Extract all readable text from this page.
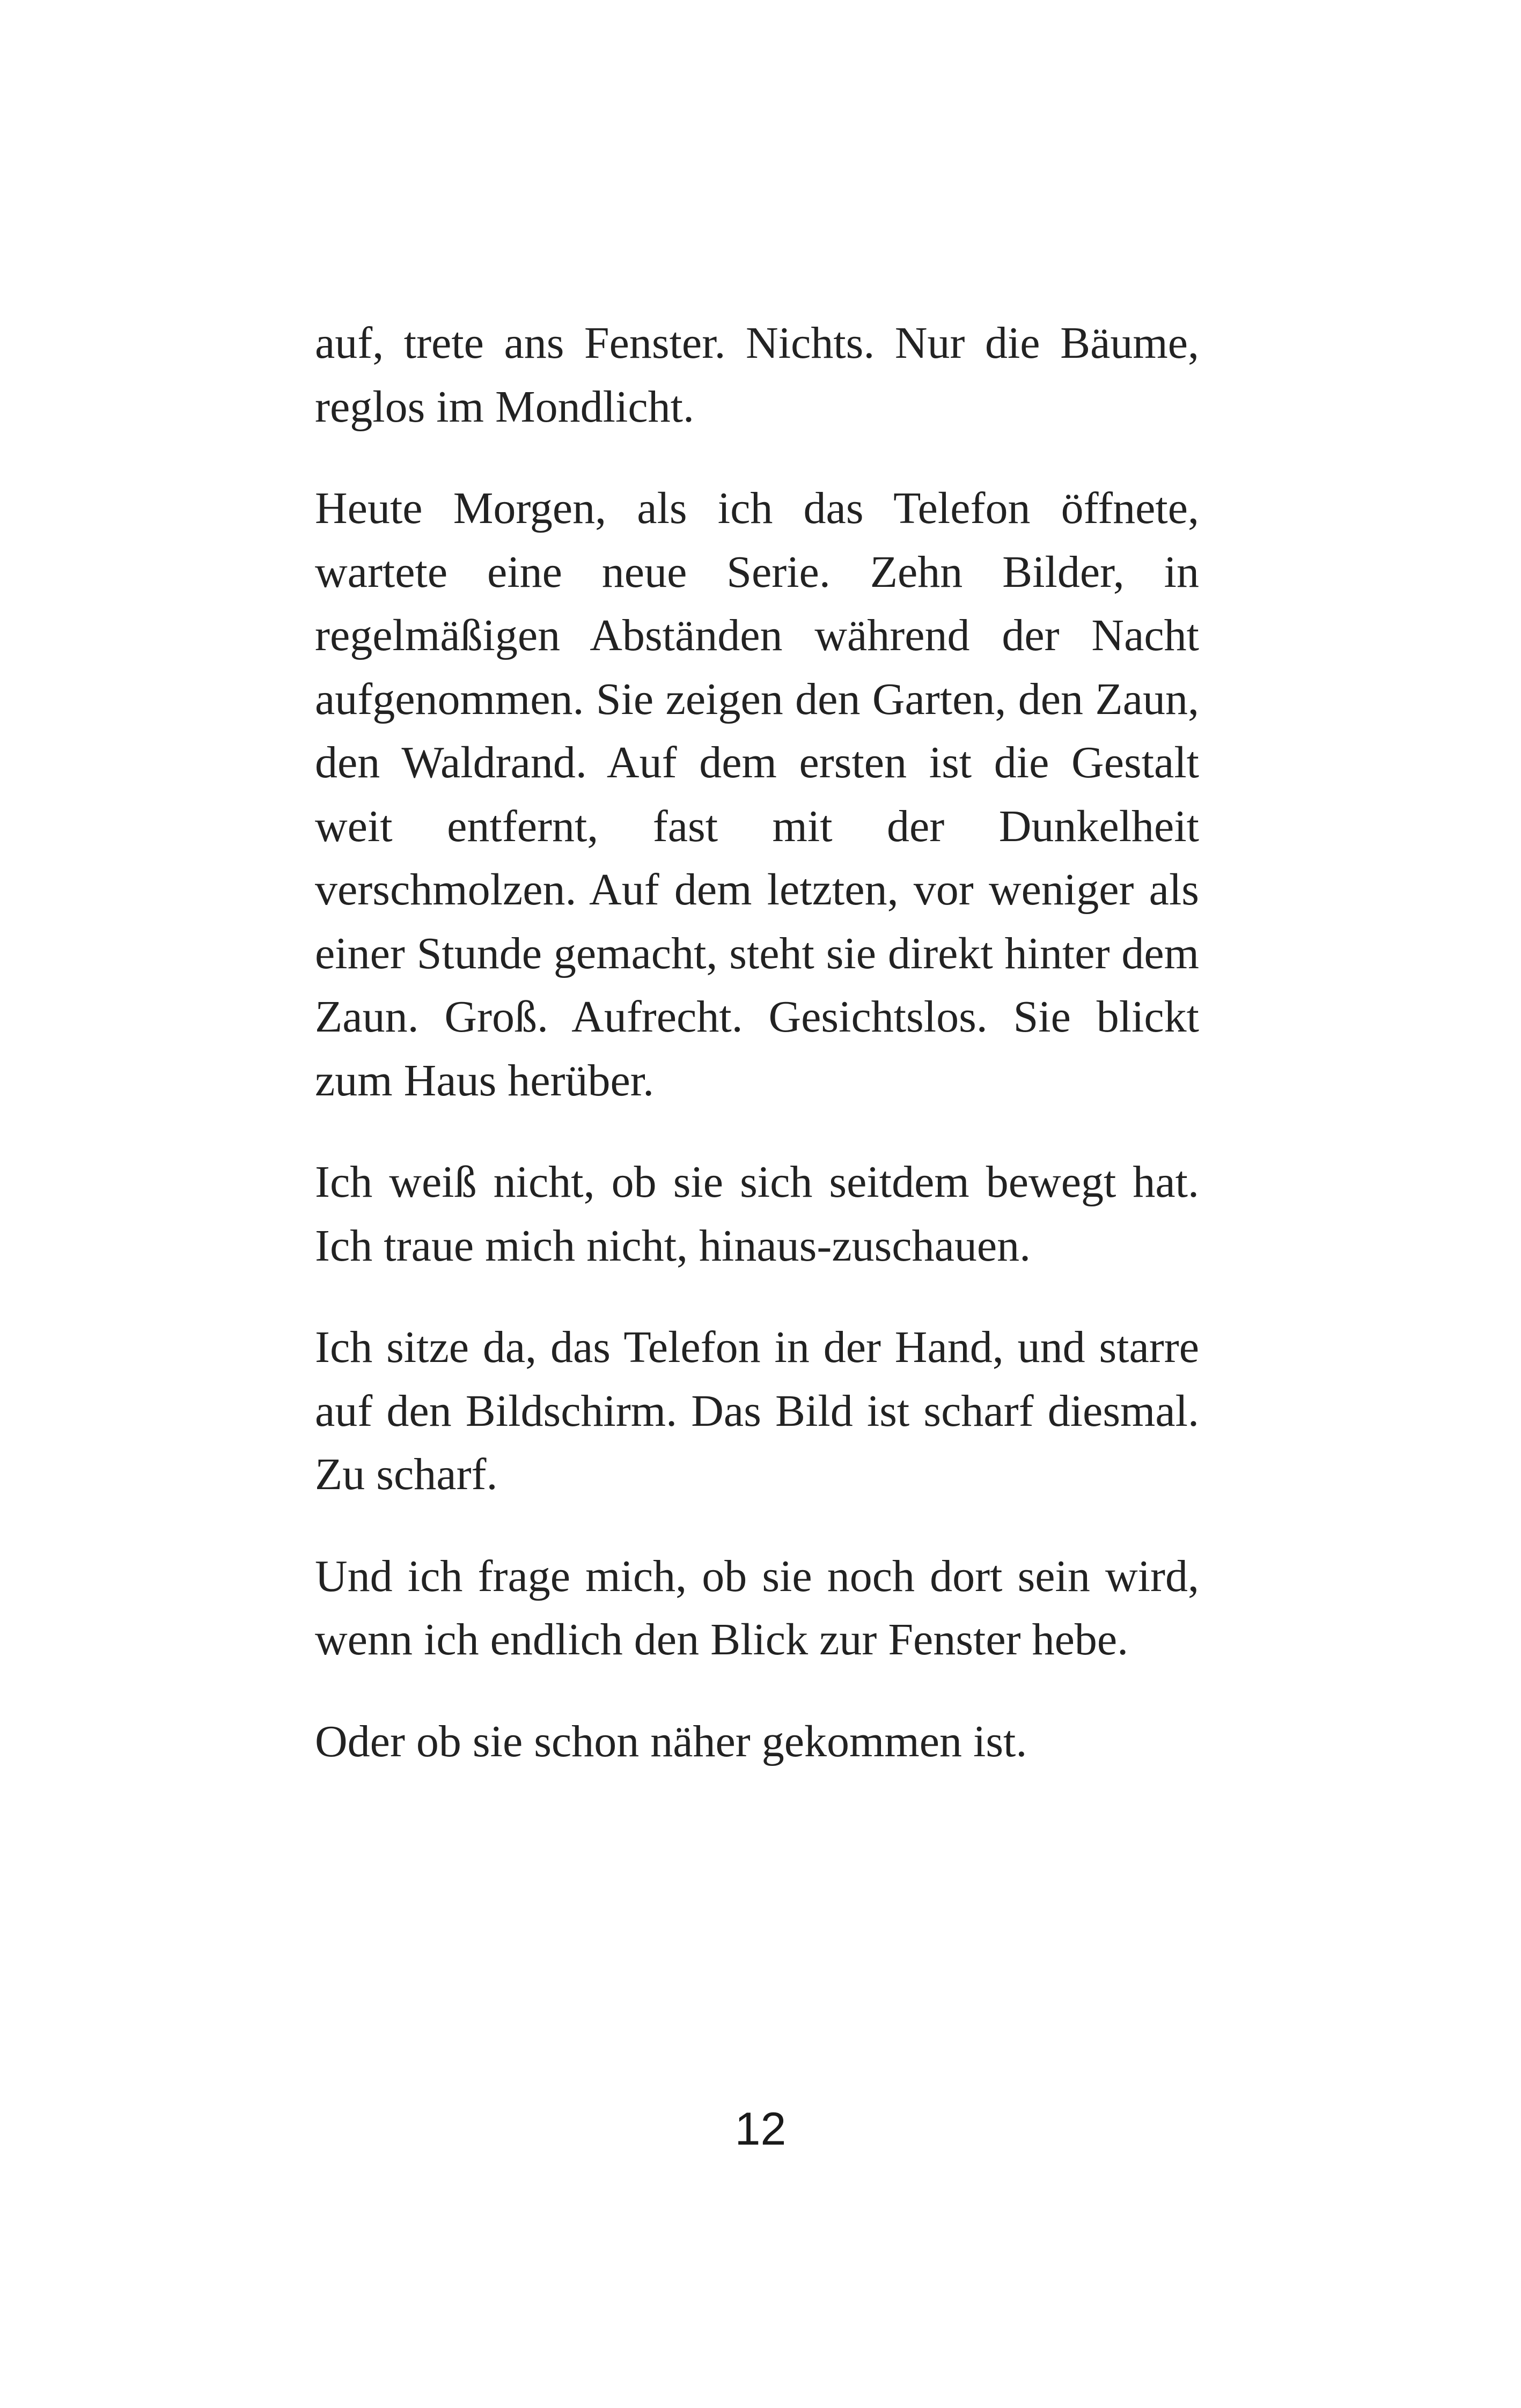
auf, trete ans Fenster. Nichts. Nur die Bäume, reglos im Mondlicht.

Heute Morgen, als ich das Telefon öffnete, wartete eine neue Serie. Zehn Bilder, in regelmäßigen Abständen während der Nacht aufgenommen. Sie zeigen den Garten, den Zaun, den Waldrand. Auf dem ersten ist die Gestalt weit entfernt, fast mit der Dunkelheit verschmolzen. Auf dem letzten, vor weniger als einer Stunde gemacht, steht sie direkt hinter dem Zaun. Groß. Aufrecht. Gesichtslos. Sie blickt zum Haus herüber.

Ich weiß nicht, ob sie sich seitdem bewegt hat. Ich traue mich nicht, hinaus-zuschauen.

Ich sitze da, das Telefon in der Hand, und starre auf den Bildschirm. Das Bild ist scharf diesmal. Zu scharf.

Und ich frage mich, ob sie noch dort sein wird, wenn ich endlich den Blick zur Fenster hebe.

Oder ob sie schon näher gekommen ist.

12
